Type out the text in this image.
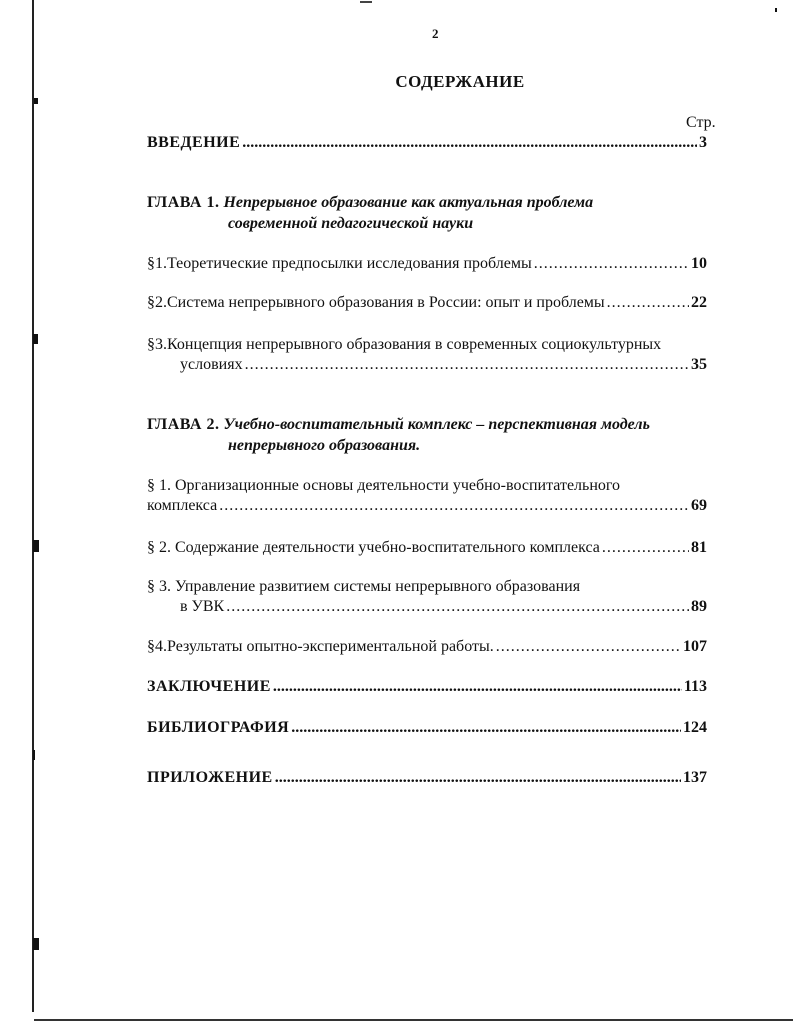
2
СОДЕРЖАНИЕ
Стр.
ВВЕДЕНИЕ .....	3
ГЛАВА 1. Непрерывное образование как актуальная проблема
современной педагогической науки
§1.Теоретические предпосылки исследования проблемы .....	10
§2.Система непрерывного образования в России: опыт и проблемы .....	22
§3.Концепция непрерывного образования в современных социокультурных
условиях .....	35
ГЛАВА 2. Учебно-воспитательный комплекс – перспективная модель
непрерывного образования.
§ 1. Организационные основы деятельности учебно-воспитательного
комплекса .....	69
§ 2. Содержание деятельности учебно-воспитательного комплекса .....	81
§ 3. Управление развитием системы непрерывного образования
в УВК .....	89
§4.Результаты опытно-экспериментальной работы. .....	107
ЗАКЛЮЧЕНИЕ .....	113
БИБЛИОГРАФИЯ .....	124
ПРИЛОЖЕНИЕ .....	137
